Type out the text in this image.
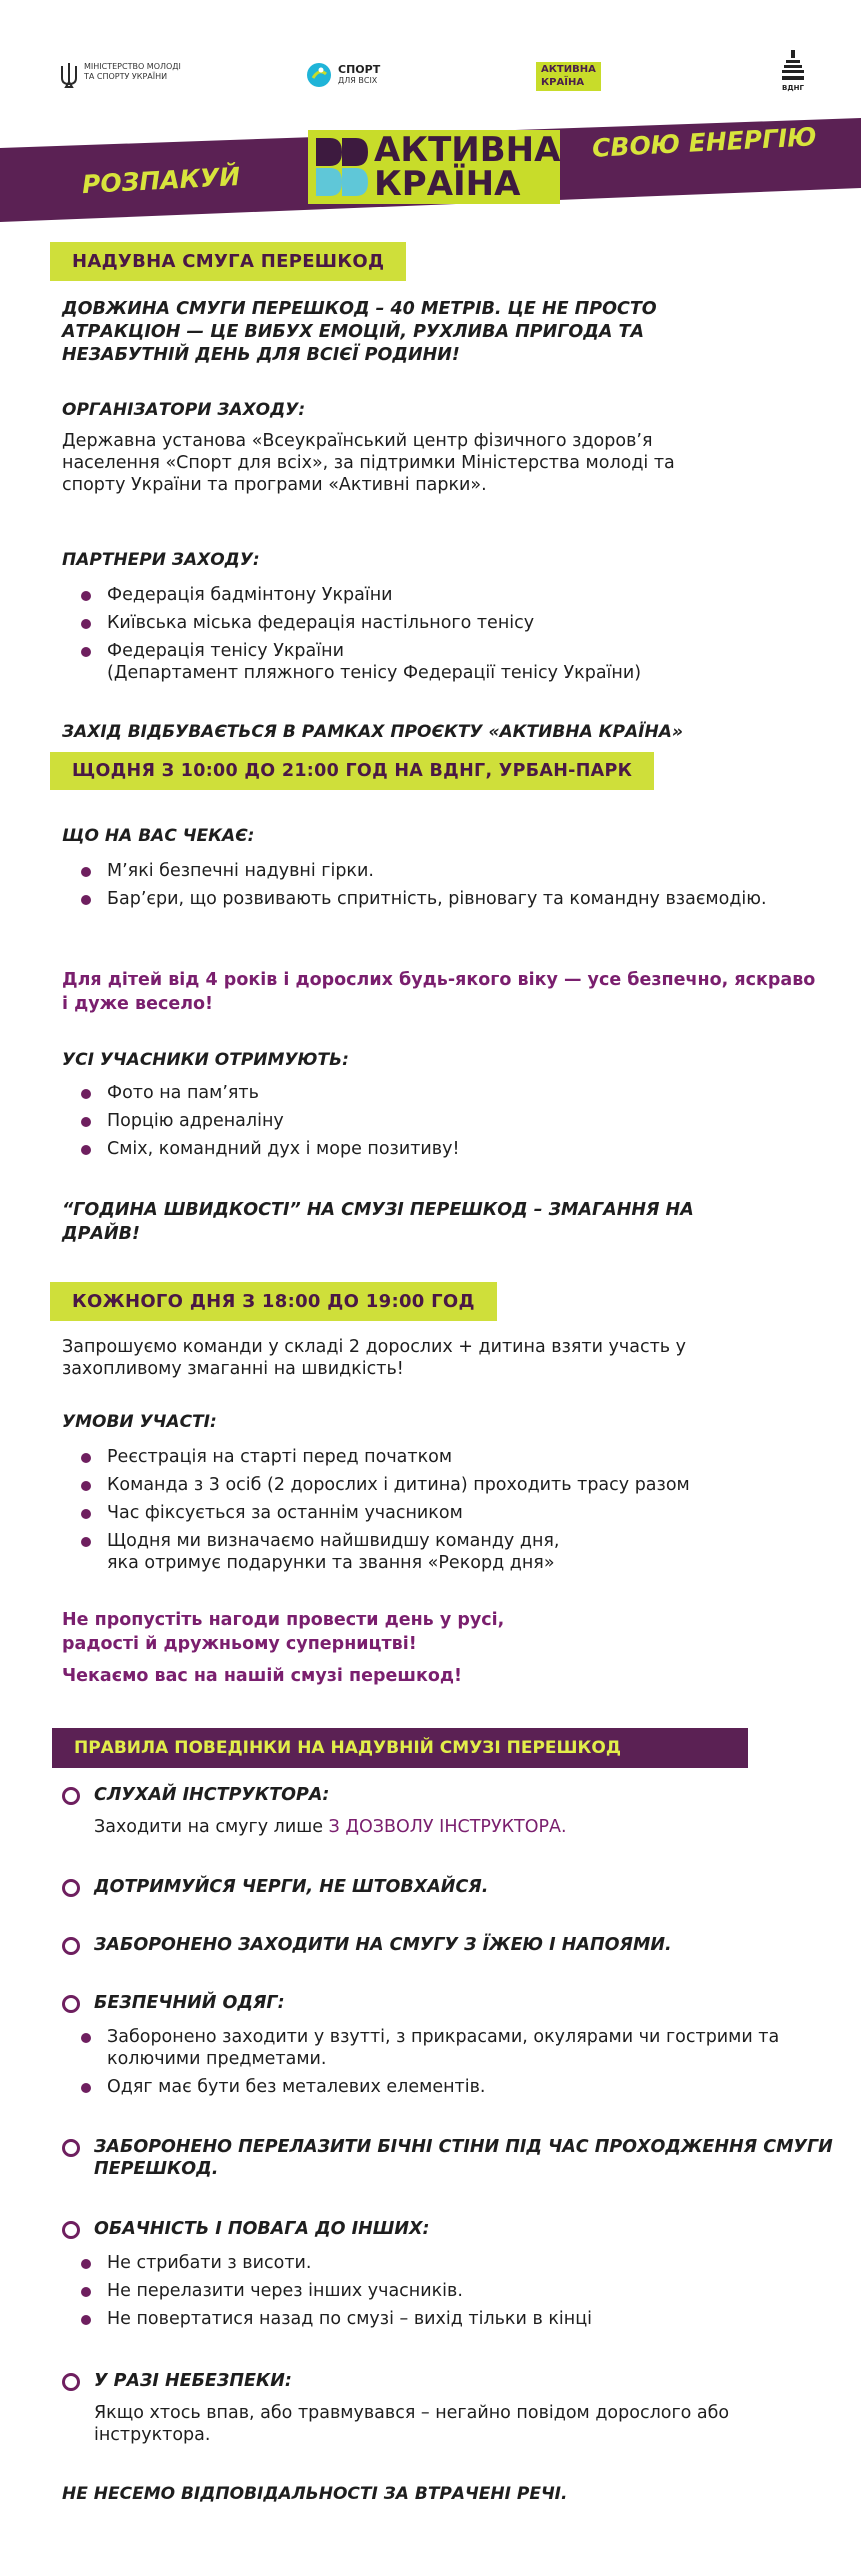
МІНІСТЕРСТВО МОЛОДІ ТА СПОРТУ УКРАЇНИ
СПОРТ
ДЛЯ ВСІХ
АКТИВНА
КРАЇНА	ВДНГ
РОЗПАКУЙ
СВОЮ ЕНЕРГІЮ
АКТИВНА
КРАЇНА
НАДУВНА СМУГА ПЕРЕШКОД
ДОВЖИНА СМУГИ ПЕРЕШКОД – 40 МЕТРІВ. ЦЕ НЕ ПРОСТО АТРАКЦІОН — ЦЕ ВИБУХ ЕМОЦІЙ, РУХЛИВА ПРИГОДА ТА НЕЗАБУТНІЙ ДЕНЬ ДЛЯ ВСІЄЇ РОДИНИ!
ОРГАНІЗАТОРИ ЗАХОДУ:
Державна установа «Всеукраїнський центр фізичного здоров’я населення «Спорт для всіх», за підтримки Міністерства молоді та спорту України та програми «Активні парки».
ПАРТНЕРИ ЗАХОДУ:
Федерація бадмінтону України
Київська міська федерація настільного тенісу
Федерація тенісу України
(Департамент пляжного тенісу Федерації тенісу України)
ЗАХІД ВІДБУВАЄТЬСЯ В РАМКАХ ПРОЄКТУ «АКТИВНА КРАЇНА»
ЩОДНЯ З 10:00 ДО 21:00 ГОД НА ВДНГ, УРБАН-ПАРК
ЩО НА ВАС ЧЕКАЄ:
М’які безпечні надувні гірки.
Бар’єри, що розвивають спритність, рівновагу та командну взаємодію.
Для дітей від 4 років і дорослих будь-якого віку — усе безпечно, яскраво і дуже весело!
УСІ УЧАСНИКИ ОТРИМУЮТЬ:
Фото на пам’ять
Порцію адреналіну
Сміх, командний дух і море позитиву!
“ГОДИНА ШВИДКОСТІ” НА СМУЗІ ПЕРЕШКОД – ЗМАГАННЯ НА ДРАЙВ!
КОЖНОГО ДНЯ З 18:00 ДО 19:00 ГОД
Запрошуємо команди у складі 2 дорослих + дитина взяти участь у захопливому змаганні на швидкість!
УМОВИ УЧАСТІ:
Реєстрація на старті перед початком
Команда з 3 осіб (2 дорослих і дитина) проходить трасу разом
Час фіксується за останнім учасником
Щодня ми визначаємо найшвидшу команду дня,
яка отримує подарунки та звання «Рекорд дня»
Не пропустіть нагоди провести день у русі,
радості й дружньому суперництві!
Чекаємо вас на нашій смузі перешкод!
ПРАВИЛА ПОВЕДІНКИ НА НАДУВНІЙ СМУЗІ ПЕРЕШКОД
СЛУХАЙ ІНСТРУКТОРА:
Заходити на смугу лише З ДОЗВОЛУ ІНСТРУКТОРА.
ДОТРИМУЙСЯ ЧЕРГИ, НЕ ШТОВХАЙСЯ.
ЗАБОРОНЕНО ЗАХОДИТИ НА СМУГУ З ЇЖЕЮ І НАПОЯМИ.
БЕЗПЕЧНИЙ ОДЯГ:
Заборонено заходити у взутті, з прикрасами, окулярами чи гострими та колючими предметами.
Одяг має бути без металевих елементів.
ЗАБОРОНЕНО ПЕРЕЛАЗИТИ БІЧНІ СТІНИ ПІД ЧАС ПРОХОДЖЕННЯ СМУГИ ПЕРЕШКОД.
ОБАЧНІСТЬ І ПОВАГА ДО ІНШИХ:
Не стрибати з висоти.
Не перелазити через інших учасників.
Не повертатися назад по смузі – вихід тільки в кінці
У РАЗІ НЕБЕЗПЕКИ:
Якщо хтось впав, або травмувався – негайно повідом дорослого або інструктора.
НЕ НЕСЕМО ВІДПОВІДАЛЬНОСТІ ЗА ВТРАЧЕНІ РЕЧІ.
